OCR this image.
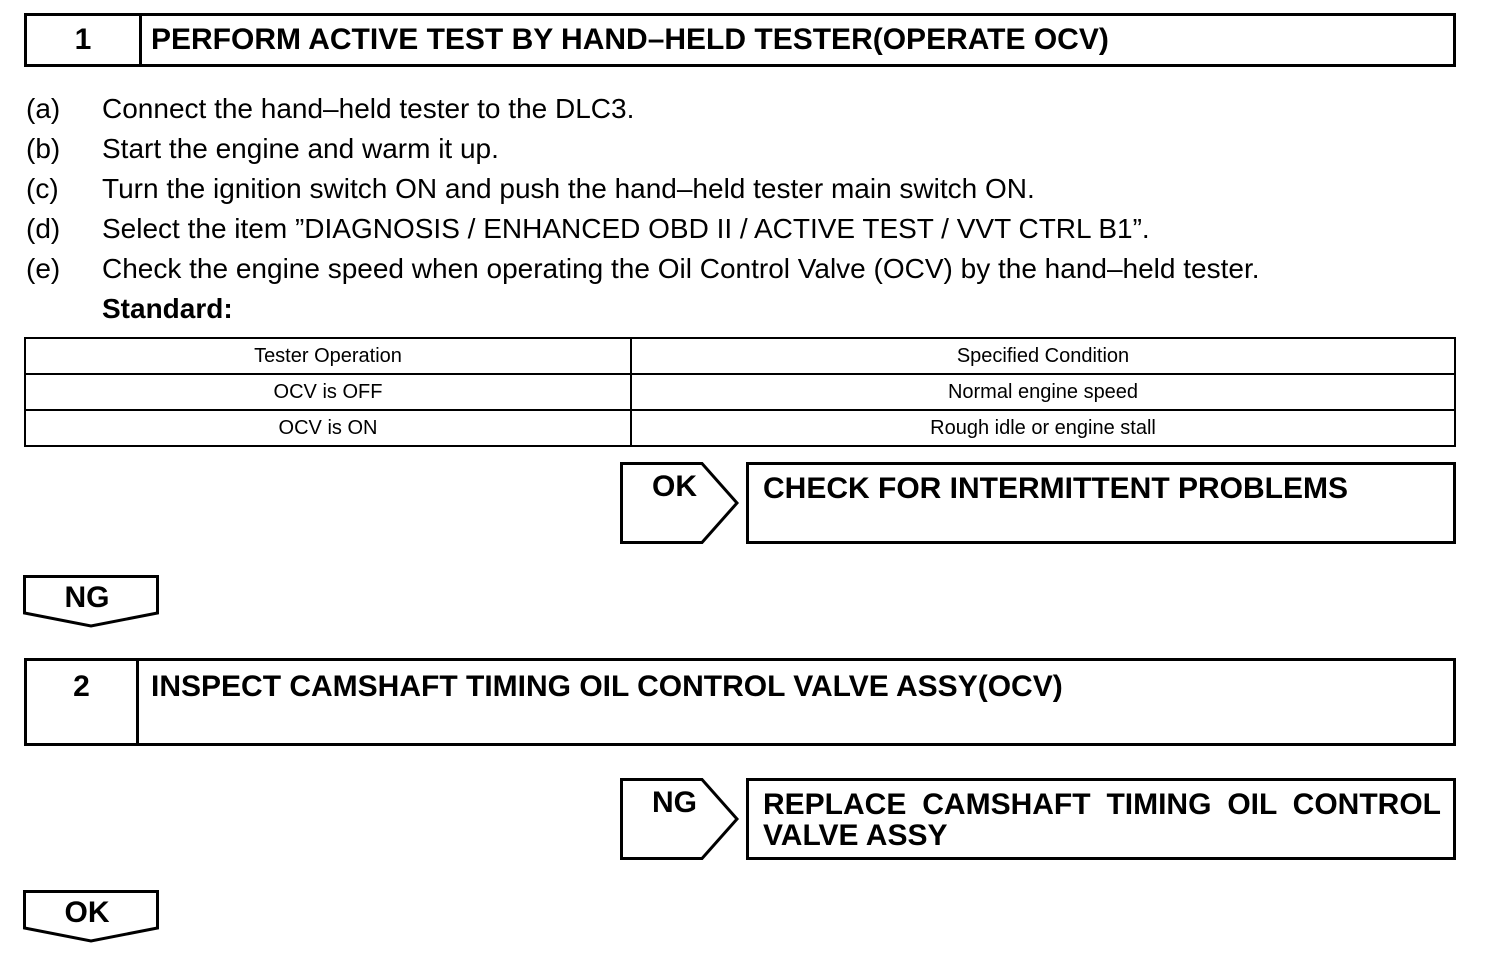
1	PERFORM ACTIVE TEST BY HAND–HELD TESTER(OPERATE OCV)
(a) Connect the hand–held tester to the DLC3.
(b) Start the engine and warm it up.
(c) Turn the ignition switch ON and push the hand–held tester main switch ON.
(d) Select the item ”DIAGNOSIS / ENHANCED OBD II / ACTIVE TEST / VVT CTRL B1”.
(e) Check the engine speed when operating the Oil Control Valve (OCV) by the hand–held tester.
Standard:
Tester Operation	Specified Condition
OCV is OFF	Normal engine speed
OCV is ON	Rough idle or engine stall
OK	CHECK FOR INTERMITTENT PROBLEMS
NG
2	INSPECT CAMSHAFT TIMING OIL CONTROL VALVE ASSY(OCV)
NG	REPLACE CAMSHAFT TIMING OIL CONTROL VALVE ASSY
OK
